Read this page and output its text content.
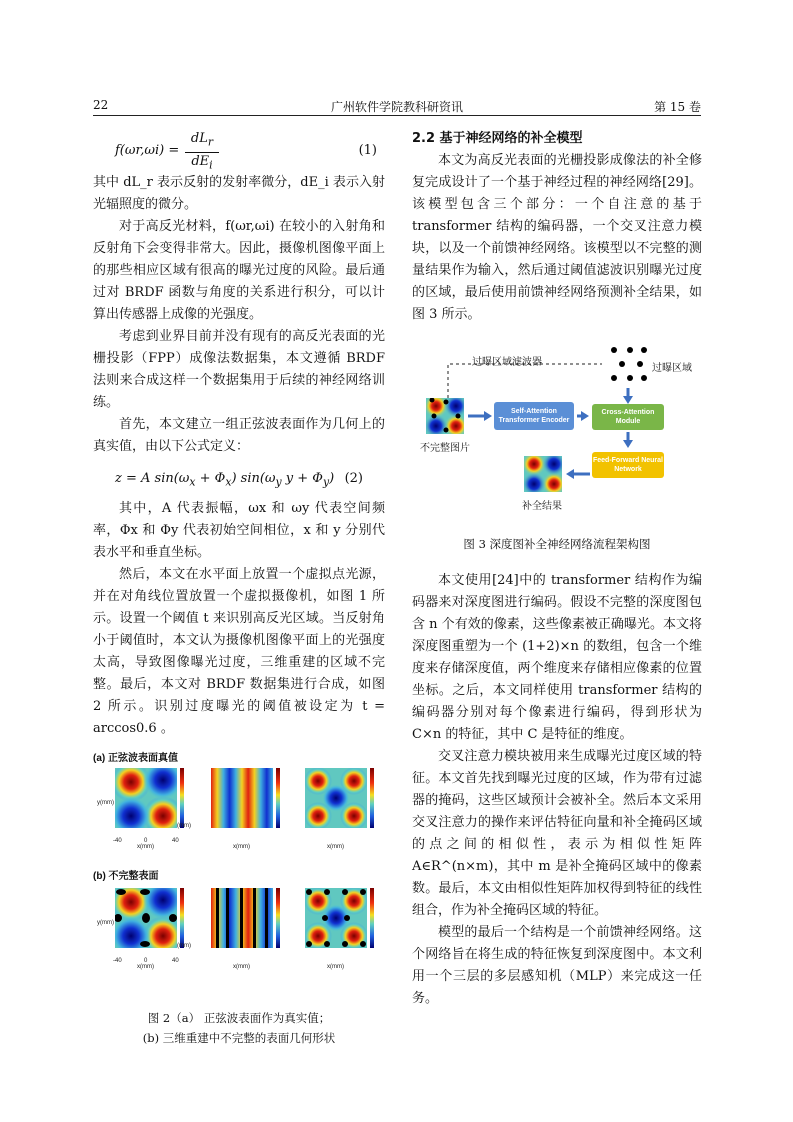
22	广州软件学院教科研资讯	第 15 卷
f(ωr,ωi) =
$dL_r$
$dE_i$
(1)

其中 dL_r 表示反射的发射率微分，dE_i 表示入射光辐照度的微分。

对于高反光材料，f(ωr,ωi) 在较小的入射角和反射角下会变得非常大。因此，摄像机图像平面上的那些相应区域有很高的曝光过度的风险。最后通过对 BRDF 函数与角度的关系进行积分，可以计算出传感器上成像的光强度。

考虑到业界目前并没有现有的高反光表面的光栅投影（FPP）成像法数据集，本文遵循 BRDF 法则来合成这样一个数据集用于后续的神经网络训练。

首先，本文建立一组正弦波表面作为几何上的真实值，由以下公式定义：

z = A $\sin(\omega_x + \Phi_x)$ $\sin(\omega_y$ $y + \Phi_y$) (2)

其中，A 代表振幅，ωx 和 ωy 代表空间频率，Φx 和 Φy 代表初始空间相位，x 和 y 分别代表水平和垂直坐标。

然后，本文在水平面上放置一个虚拟点光源，并在对角线位置放置一个虚拟摄像机，如图 1 所示。设置一个阈值 t 来识别高反光区域。当反射角小于阈值时，本文认为摄像机图像平面上的光强度太高，导致图像曝光过度，三维重建的区域不完整。最后，本文对 BRDF 数据集进行合成，如图 2 所示。识别过度曝光的阈值被设定为 t = arccos0.6 。

(a) 正弦波表面真值
(b) 不完整表面
x(mm)	x(mm)	x(mm)
x(mm)	x(mm)	x(mm)
y(mm)
y(mm)
-40	0	40
(mm)
-40	0	40
(mm)

图 2（a） 正弦波表面作为真实值；

(b) 三维重建中不完整的表面几何形状

2.2 基于神经网络的补全模型

本文为高反光表面的光栅投影成像法的补全修复完成设计了一个基于神经过程的神经网络[29]。该模型包含三个部分：一个自注意的基于 transformer 结构的编码器，一个交叉注意力模块，以及一个前馈神经网络。该模型以不完整的测量结果作为输入，然后通过阈值滤波识别曝光过度的区域，最后使用前馈神经网络预测补全结果，如图 3 所示。

Self-Attention Transformer Encoder
Cross-Attention Module
Feed-Forward Neural Network
过曝区域滤波器
过曝区域
不完整图片
补全结果

图 3 深度图补全神经网络流程架构图

本文使用[24]中的 transformer 结构作为编码器来对深度图进行编码。假设不完整的深度图包含 n 个有效的像素，这些像素被正确曝光。本文将深度图重塑为一个 (1+2)×n 的数组，包含一个维度来存储深度值，两个维度来存储相应像素的位置坐标。之后，本文同样使用 transformer 结构的编码器分别对每个像素进行编码，得到形状为 C×n 的特征，其中 C 是特征的维度。

交叉注意力模块被用来生成曝光过度区域的特征。本文首先找到曝光过度的区域，作为带有过滤器的掩码，这些区域预计会被补全。然后本文采用交叉注意力的操作来评估特征向量和补全掩码区域的点之间的相似性，表示为相似性矩阵 A∈R^(n×m)，其中 m 是补全掩码区域中的像素数。最后，本文由相似性矩阵加权得到特征的线性组合，作为补全掩码区域的特征。

模型的最后一个结构是一个前馈神经网络。这个网络旨在将生成的特征恢复到深度图中。本文利用一个三层的多层感知机（MLP）来完成这一任务。
